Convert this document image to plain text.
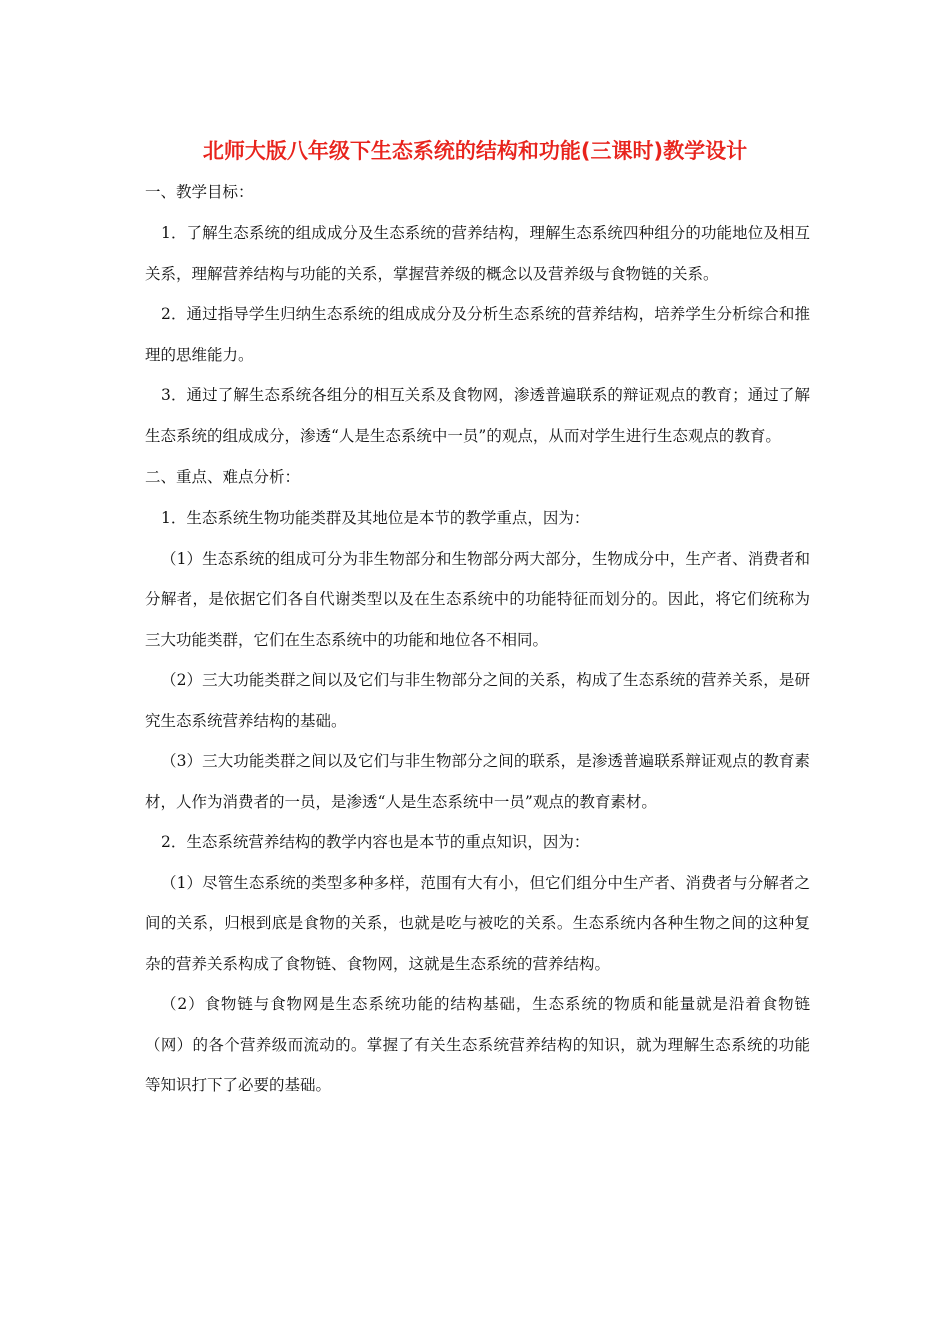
北师大版八年级下生态系统的结构和功能(三课时)教学设计

一、教学目标：

1．了解生态系统的组成成分及生态系统的营养结构，理解生态系统四种组分的功能地位及相互关系，理解营养结构与功能的关系，掌握营养级的概念以及营养级与食物链的关系。

2．通过指导学生归纳生态系统的组成成分及分析生态系统的营养结构，培养学生分析综合和推理的思维能力。

3．通过了解生态系统各组分的相互关系及食物网，渗透普遍联系的辩证观点的教育；通过了解生态系统的组成成分，渗透“人是生态系统中一员”的观点，从而对学生进行生态观点的教育。

二、重点、难点分析：

1．生态系统生物功能类群及其地位是本节的教学重点，因为：

（1）生态系统的组成可分为非生物部分和生物部分两大部分，生物成分中，生产者、消费者和分解者，是依据它们各自代谢类型以及在生态系统中的功能特征而划分的。因此，将它们统称为三大功能类群，它们在生态系统中的功能和地位各不相同。

（2）三大功能类群之间以及它们与非生物部分之间的关系，构成了生态系统的营养关系，是研究生态系统营养结构的基础。

（3）三大功能类群之间以及它们与非生物部分之间的联系，是渗透普遍联系辩证观点的教育素材，人作为消费者的一员，是渗透“人是生态系统中一员”观点的教育素材。

2．生态系统营养结构的教学内容也是本节的重点知识，因为：

（1）尽管生态系统的类型多种多样，范围有大有小，但它们组分中生产者、消费者与分解者之间的关系，归根到底是食物的关系，也就是吃与被吃的关系。生态系统内各种生物之间的这种复杂的营养关系构成了食物链、食物网，这就是生态系统的营养结构。

（2）食物链与食物网是生态系统功能的结构基础，生态系统的物质和能量就是沿着食物链（网）的各个营养级而流动的。掌握了有关生态系统营养结构的知识，就为理解生态系统的功能等知识打下了必要的基础。
